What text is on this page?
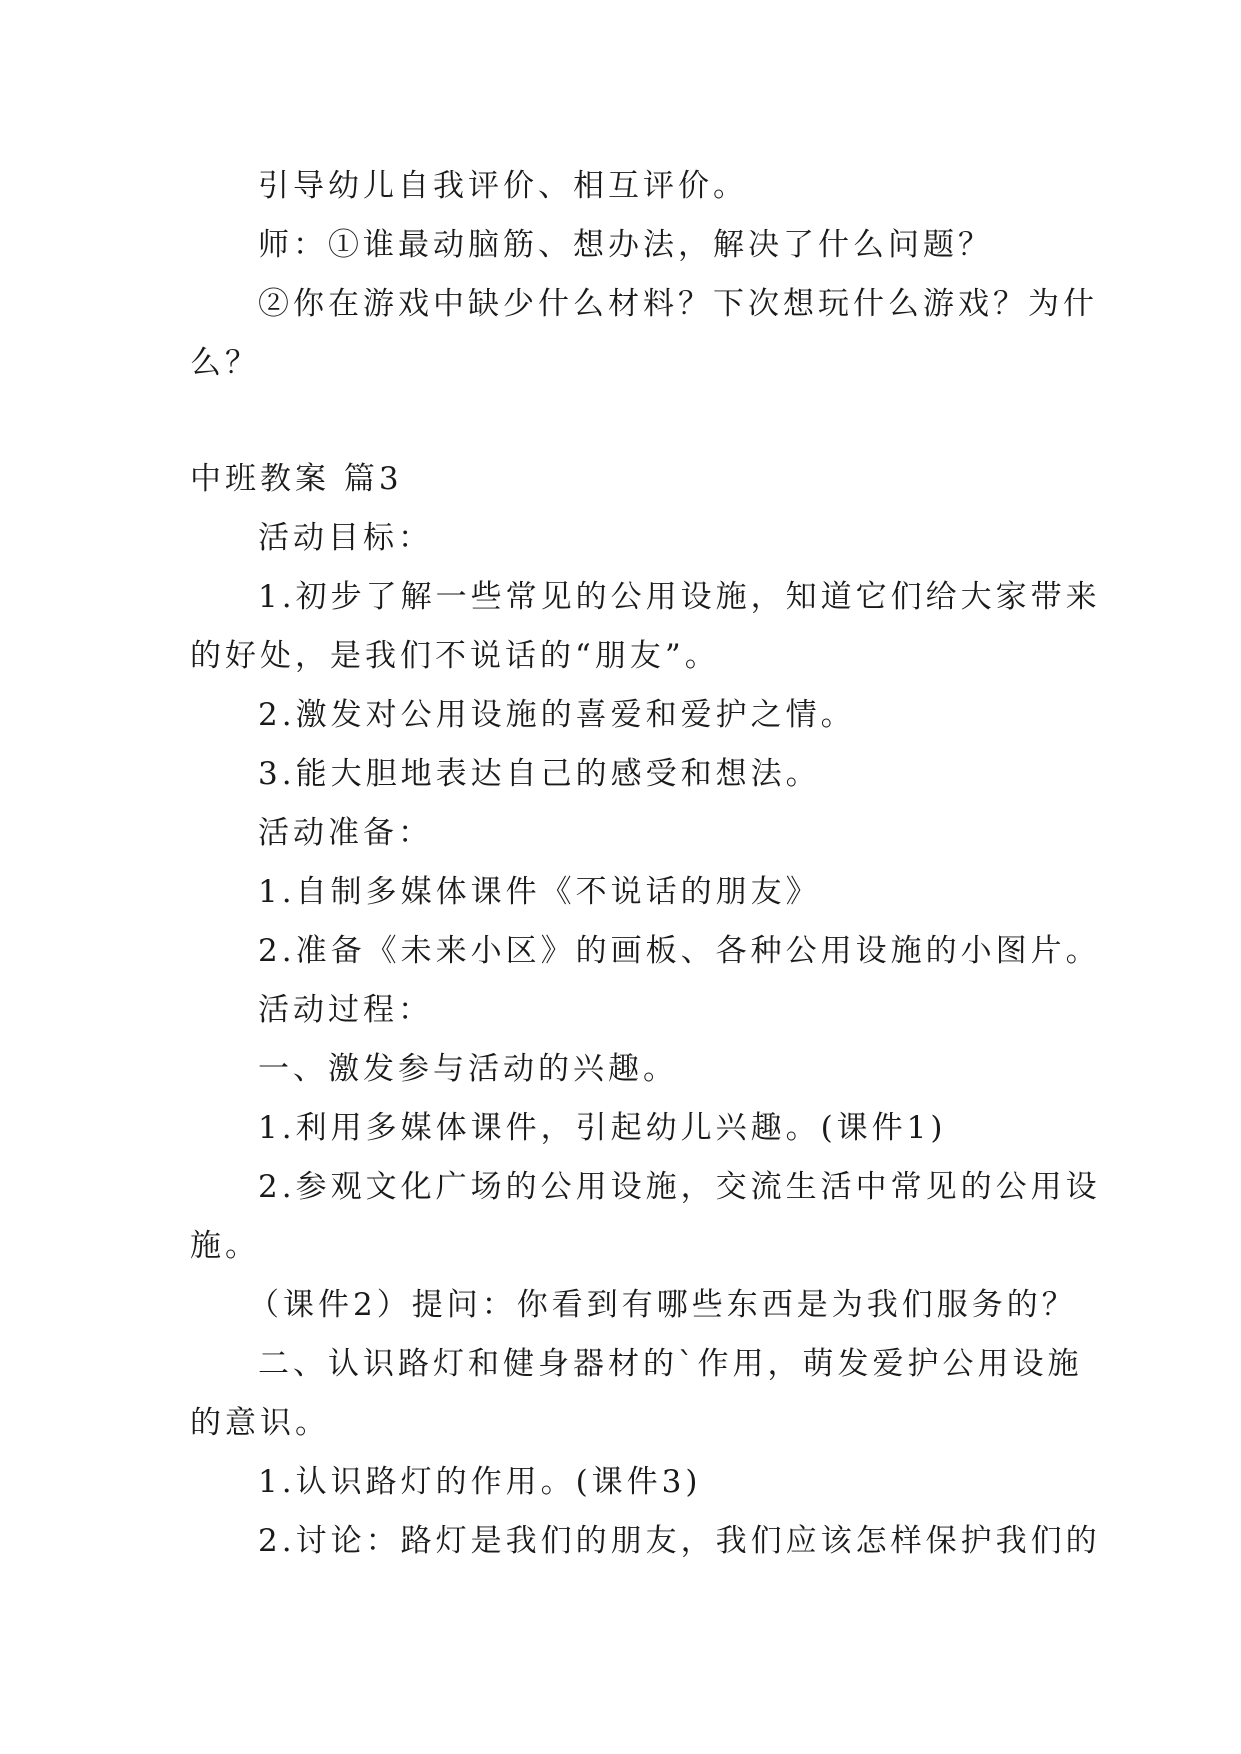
引导幼儿自我评价、相互评价。
师：①谁最动脑筋、想办法，解决了什么问题？
②你在游戏中缺少什么材料？下次想玩什么游戏？为什
么？
中班教案 篇3
活动目标：
1.初步了解一些常见的公用设施，知道它们给大家带来
的好处，是我们不说话的“朋友”。
2.激发对公用设施的喜爱和爱护之情。
3.能大胆地表达自己的感受和想法。
活动准备：
1.自制多媒体课件《不说话的朋友》
2.准备《未来小区》的画板、各种公用设施的小图片。
活动过程：
一、激发参与活动的兴趣。
1.利用多媒体课件，引起幼儿兴趣。(课件1)
2.参观文化广场的公用设施，交流生活中常见的公用设
施。
（课件2）提问：你看到有哪些东西是为我们服务的？
二、认识路灯和健身器材的`作用，萌发爱护公用设施
的意识。
1.认识路灯的作用。(课件3)
2.讨论：路灯是我们的朋友，我们应该怎样保护我们的
